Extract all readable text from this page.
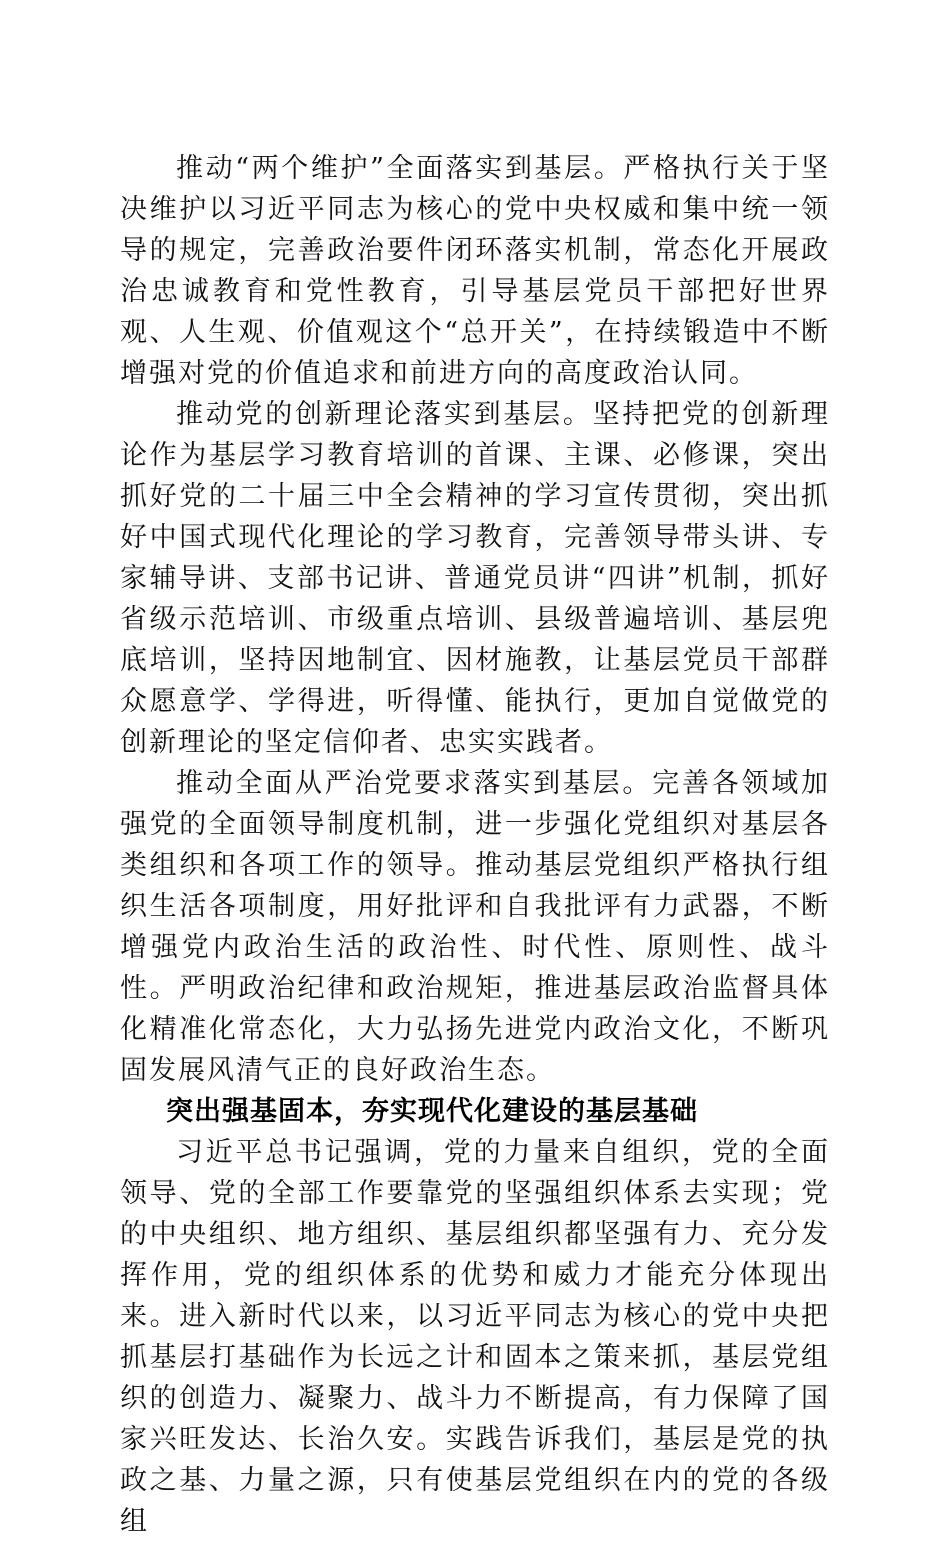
推动“两个维护”全面落实到基层。严格执行关于坚决维护以习近平同志为核心的党中央权威和集中统一领导的规定，完善政治要件闭环落实机制，常态化开展政治忠诚教育和党性教育，引导基层党员干部把好世界观、人生观、价值观这个“总开关”，在持续锻造中不断增强对党的价值追求和前进方向的高度政治认同。

推动党的创新理论落实到基层。坚持把党的创新理论作为基层学习教育培训的首课、主课、必修课，突出抓好党的二十届三中全会精神的学习宣传贯彻，突出抓好中国式现代化理论的学习教育，完善领导带头讲、专家辅导讲、支部书记讲、普通党员讲“四讲”机制，抓好省级示范培训、市级重点培训、县级普遍培训、基层兜底培训，坚持因地制宜、因材施教，让基层党员干部群众愿意学、学得进，听得懂、能执行，更加自觉做党的创新理论的坚定信仰者、忠实实践者。

推动全面从严治党要求落实到基层。完善各领域加强党的全面领导制度机制，进一步强化党组织对基层各类组织和各项工作的领导。推动基层党组织严格执行组织生活各项制度，用好批评和自我批评有力武器，不断增强党内政治生活的政治性、时代性、原则性、战斗性。严明政治纪律和政治规矩，推进基层政治监督具体化精准化常态化，大力弘扬先进党内政治文化，不断巩固发展风清气正的良好政治生态。

突出强基固本，夯实现代化建设的基层基础

习近平总书记强调，党的力量来自组织，党的全面领导、党的全部工作要靠党的坚强组织体系去实现；党的中央组织、地方组织、基层组织都坚强有力、充分发挥作用，党的组织体系的优势和威力才能充分体现出来。进入新时代以来，以习近平同志为核心的党中央把抓基层打基础作为长远之计和固本之策来抓，基层党组织的创造力、凝聚力、战斗力不断提高，有力保障了国家兴旺发达、长治久安。实践告诉我们，基层是党的执政之基、力量之源，只有使基层党组织在内的党的各级组
